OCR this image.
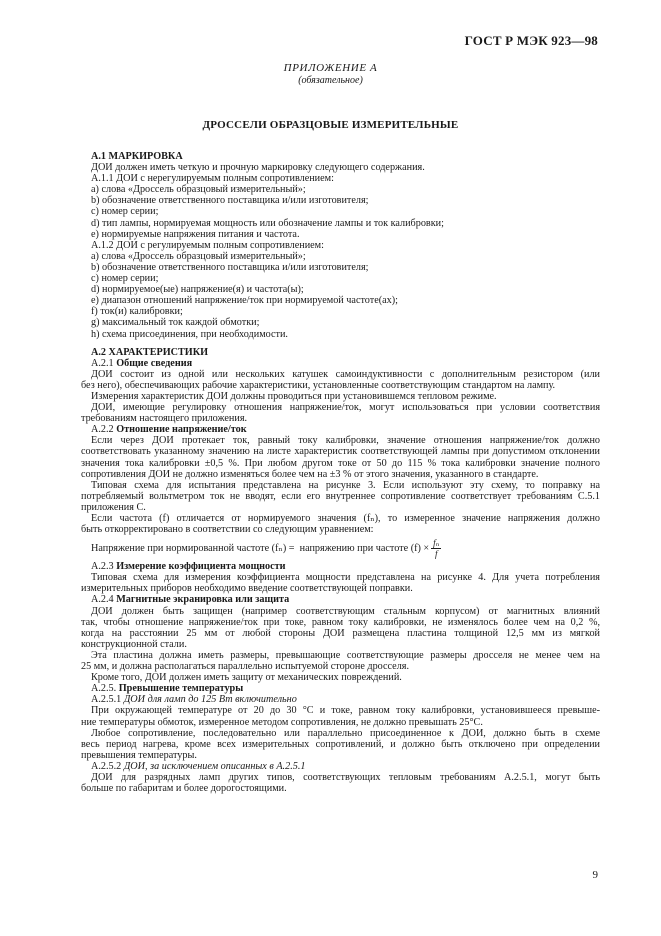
ГОСТ Р МЭК 923—98
ПРИЛОЖЕНИЕ А
(обязательное)
ДРОССЕЛИ ОБРАЗЦОВЫЕ ИЗМЕРИТЕЛЬНЫЕ
А.1 МАРКИРОВКА
ДОИ должен иметь четкую и прочную маркировку следующего содержания.
А.1.1 ДОИ с нерегулируемым полным сопротивлением:
a) слова «Дроссель образцовый измерительный»;
b) обозначение ответственного поставщика и/или изготовителя;
c) номер серии;
d) тип лампы, нормируемая мощность или обозначение лампы и ток калибровки;
e) нормируемые напряжения питания и частота.
А.1.2 ДОИ с регулируемым полным сопротивлением:
a) слова «Дроссель образцовый измерительный»;
b) обозначение ответственного поставщика и/или изготовителя;
c) номер серии;
d) нормируемое(ые) напряжение(я) и частота(ы);
e) диапазон отношений напряжение/ток при нормируемой частоте(ах);
f) ток(и) калибровки;
g) максимальный ток каждой обмотки;
h) схема присоединения, при необходимости.
А.2 ХАРАКТЕРИСТИКИ
А.2.1 Общие сведения
ДОИ состоит из одной или нескольких катушек самоиндуктивности с дополнительным резистором (или
без него), обеспечивающих рабочие характеристики, установленные соответствующим стандартом на лампу.
Измерения характеристик ДОИ должны проводиться при установившемся тепловом режиме.
ДОИ, имеющие регулировку отношения напряжение/ток, могут использоваться при условии соответствия
требованиям настоящего приложения.
А.2.2 Отношение напряжение/ток
Если через ДОИ протекает ток, равный току калибровки, значение отношения напряжение/ток должно
соответствовать указанному значению на листе характеристик соответствующей лампы при допустимом отклонении
значения тока калибровки ±0,5 %. При любом другом токе от 50 до 115 % тока калибровки значение полного
сопротивления ДОИ не должно изменяться более чем на ±3 % от этого значения, указанного в стандарте.
Типовая схема для испытания представлена на рисунке 3. Если используют эту схему, то поправку на
потребляемый вольтметром ток не вводят, если его внутреннее сопротивление соответствует требованиям С.5.1
приложения С.
Если частота (f) отличается от нормируемого значения (fₙ), то измеренное значение напряжения должно
быть откорректировано в соответствии со следующим уравнением:
Напряжение при нормированной частоте (fₙ) =
напряжению при частоте $(f) \times \frac{\text{fₙ}}{f}$
А.2.3 Измерение коэффициента мощности
Типовая схема для измерения коэффициента мощности представлена на рисунке 4. Для учета потребления
измерительных приборов необходимо введение соответствующей поправки.
А.2.4 Магнитные экранировка или защита
ДОИ должен быть защищен (например соответствующим стальным корпусом) от магнитных влияний
так, чтобы отношение напряжение/ток при токе, равном току калибровки, не изменялось более чем на 0,2 %,
когда на расстоянии 25 мм от любой стороны ДОИ размещена пластина толщиной 12,5 мм из мягкой
конструкционной стали.
Эта пластина должна иметь размеры, превышающие соответствующие размеры дросселя не менее чем на
25 мм, и должна располагаться параллельно испытуемой стороне дросселя.
Кроме того, ДОИ должен иметь защиту от механических повреждений.
А.2.5. Превышение температуры
А.2.5.1 ДОИ для ламп до 125 Вт включительно
При окружающей температуре от 20 до 30 °С и токе, равном току калибровки, установившееся превыше-
ние температуры обмоток, измеренное методом сопротивления, не должно превышать 25°С.
Любое сопротивление, последовательно или параллельно присоединенное к ДОИ, должно быть в схеме
весь период нагрева, кроме всех измерительных сопротивлений, и должно быть отключено при определении
превышения температуры.
А.2.5.2 ДОИ, за исключением описанных в А.2.5.1
ДОИ для разрядных ламп других типов, соответствующих тепловым требованиям А.2.5.1, могут быть
больше по габаритам и более дорогостоящими.
9
